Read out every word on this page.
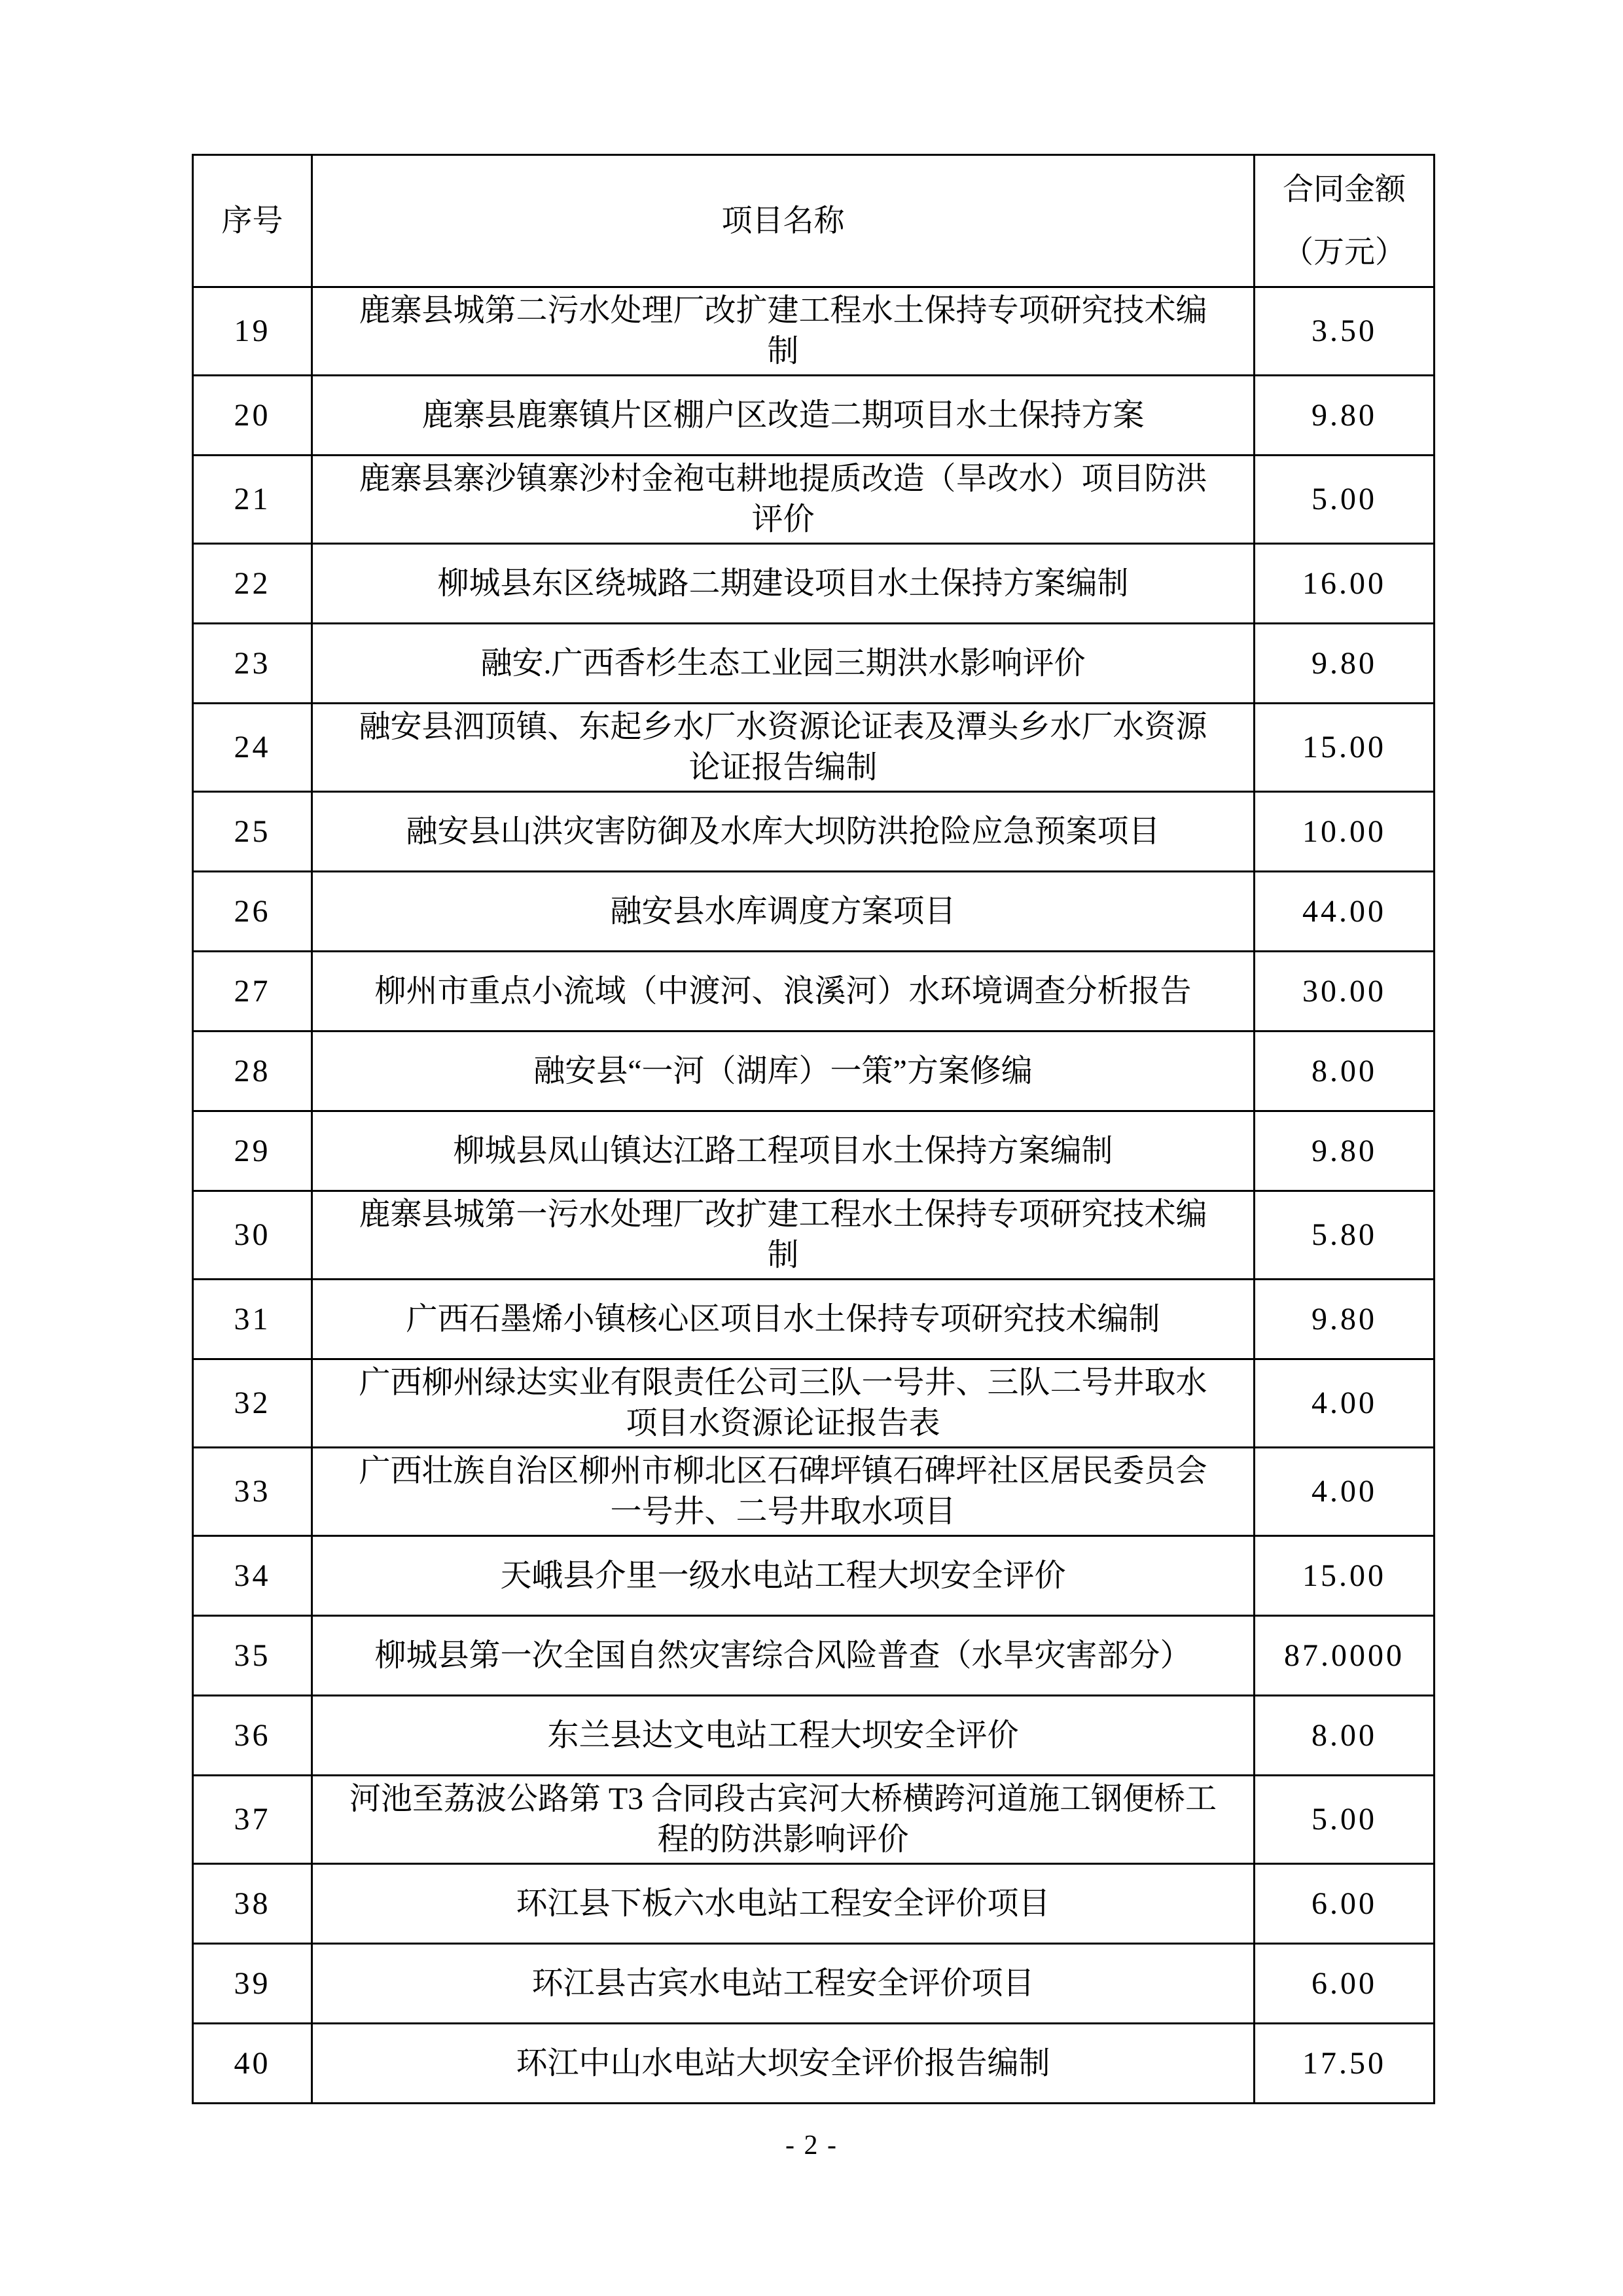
序号	项目名称	合同金额
（万元）

19	鹿寨县城第二污水处理厂改扩建工程水土保持专项研究技术编制	3.50
20	鹿寨县鹿寨镇片区棚户区改造二期项目水土保持方案	9.80
21	鹿寨县寨沙镇寨沙村金袍屯耕地提质改造（旱改水）项目防洪评价	5.00
22	柳城县东区绕城路二期建设项目水土保持方案编制	16.00
23	融安.广西香杉生态工业园三期洪水影响评价	9.80
24	融安县泗顶镇、东起乡水厂水资源论证表及潭头乡水厂水资源论证报告编制	15.00
25	融安县山洪灾害防御及水库大坝防洪抢险应急预案项目	10.00
26	融安县水库调度方案项目	44.00
27	柳州市重点小流域（中渡河、浪溪河）水环境调查分析报告	30.00
28	融安县“一河（湖库）一策”方案修编	8.00
29	柳城县凤山镇达江路工程项目水土保持方案编制	9.80
30	鹿寨县城第一污水处理厂改扩建工程水土保持专项研究技术编制	5.80
31	广西石墨烯小镇核心区项目水土保持专项研究技术编制	9.80
32	广西柳州绿达实业有限责任公司三队一号井、三队二号井取水项目水资源论证报告表	4.00
33	广西壮族自治区柳州市柳北区石碑坪镇石碑坪社区居民委员会一号井、二号井取水项目	4.00
34	天峨县介里一级水电站工程大坝安全评价	15.00
35	柳城县第一次全国自然灾害综合风险普查（水旱灾害部分）	87.0000
36	东兰县达文电站工程大坝安全评价	8.00
37	河池至荔波公路第 T3 合同段古宾河大桥横跨河道施工钢便桥工程的防洪影响评价	5.00
38	环江县下板六水电站工程安全评价项目	6.00
39	环江县古宾水电站工程安全评价项目	6.00
40	环江中山水电站大坝安全评价报告编制	17.50
- 2 -
